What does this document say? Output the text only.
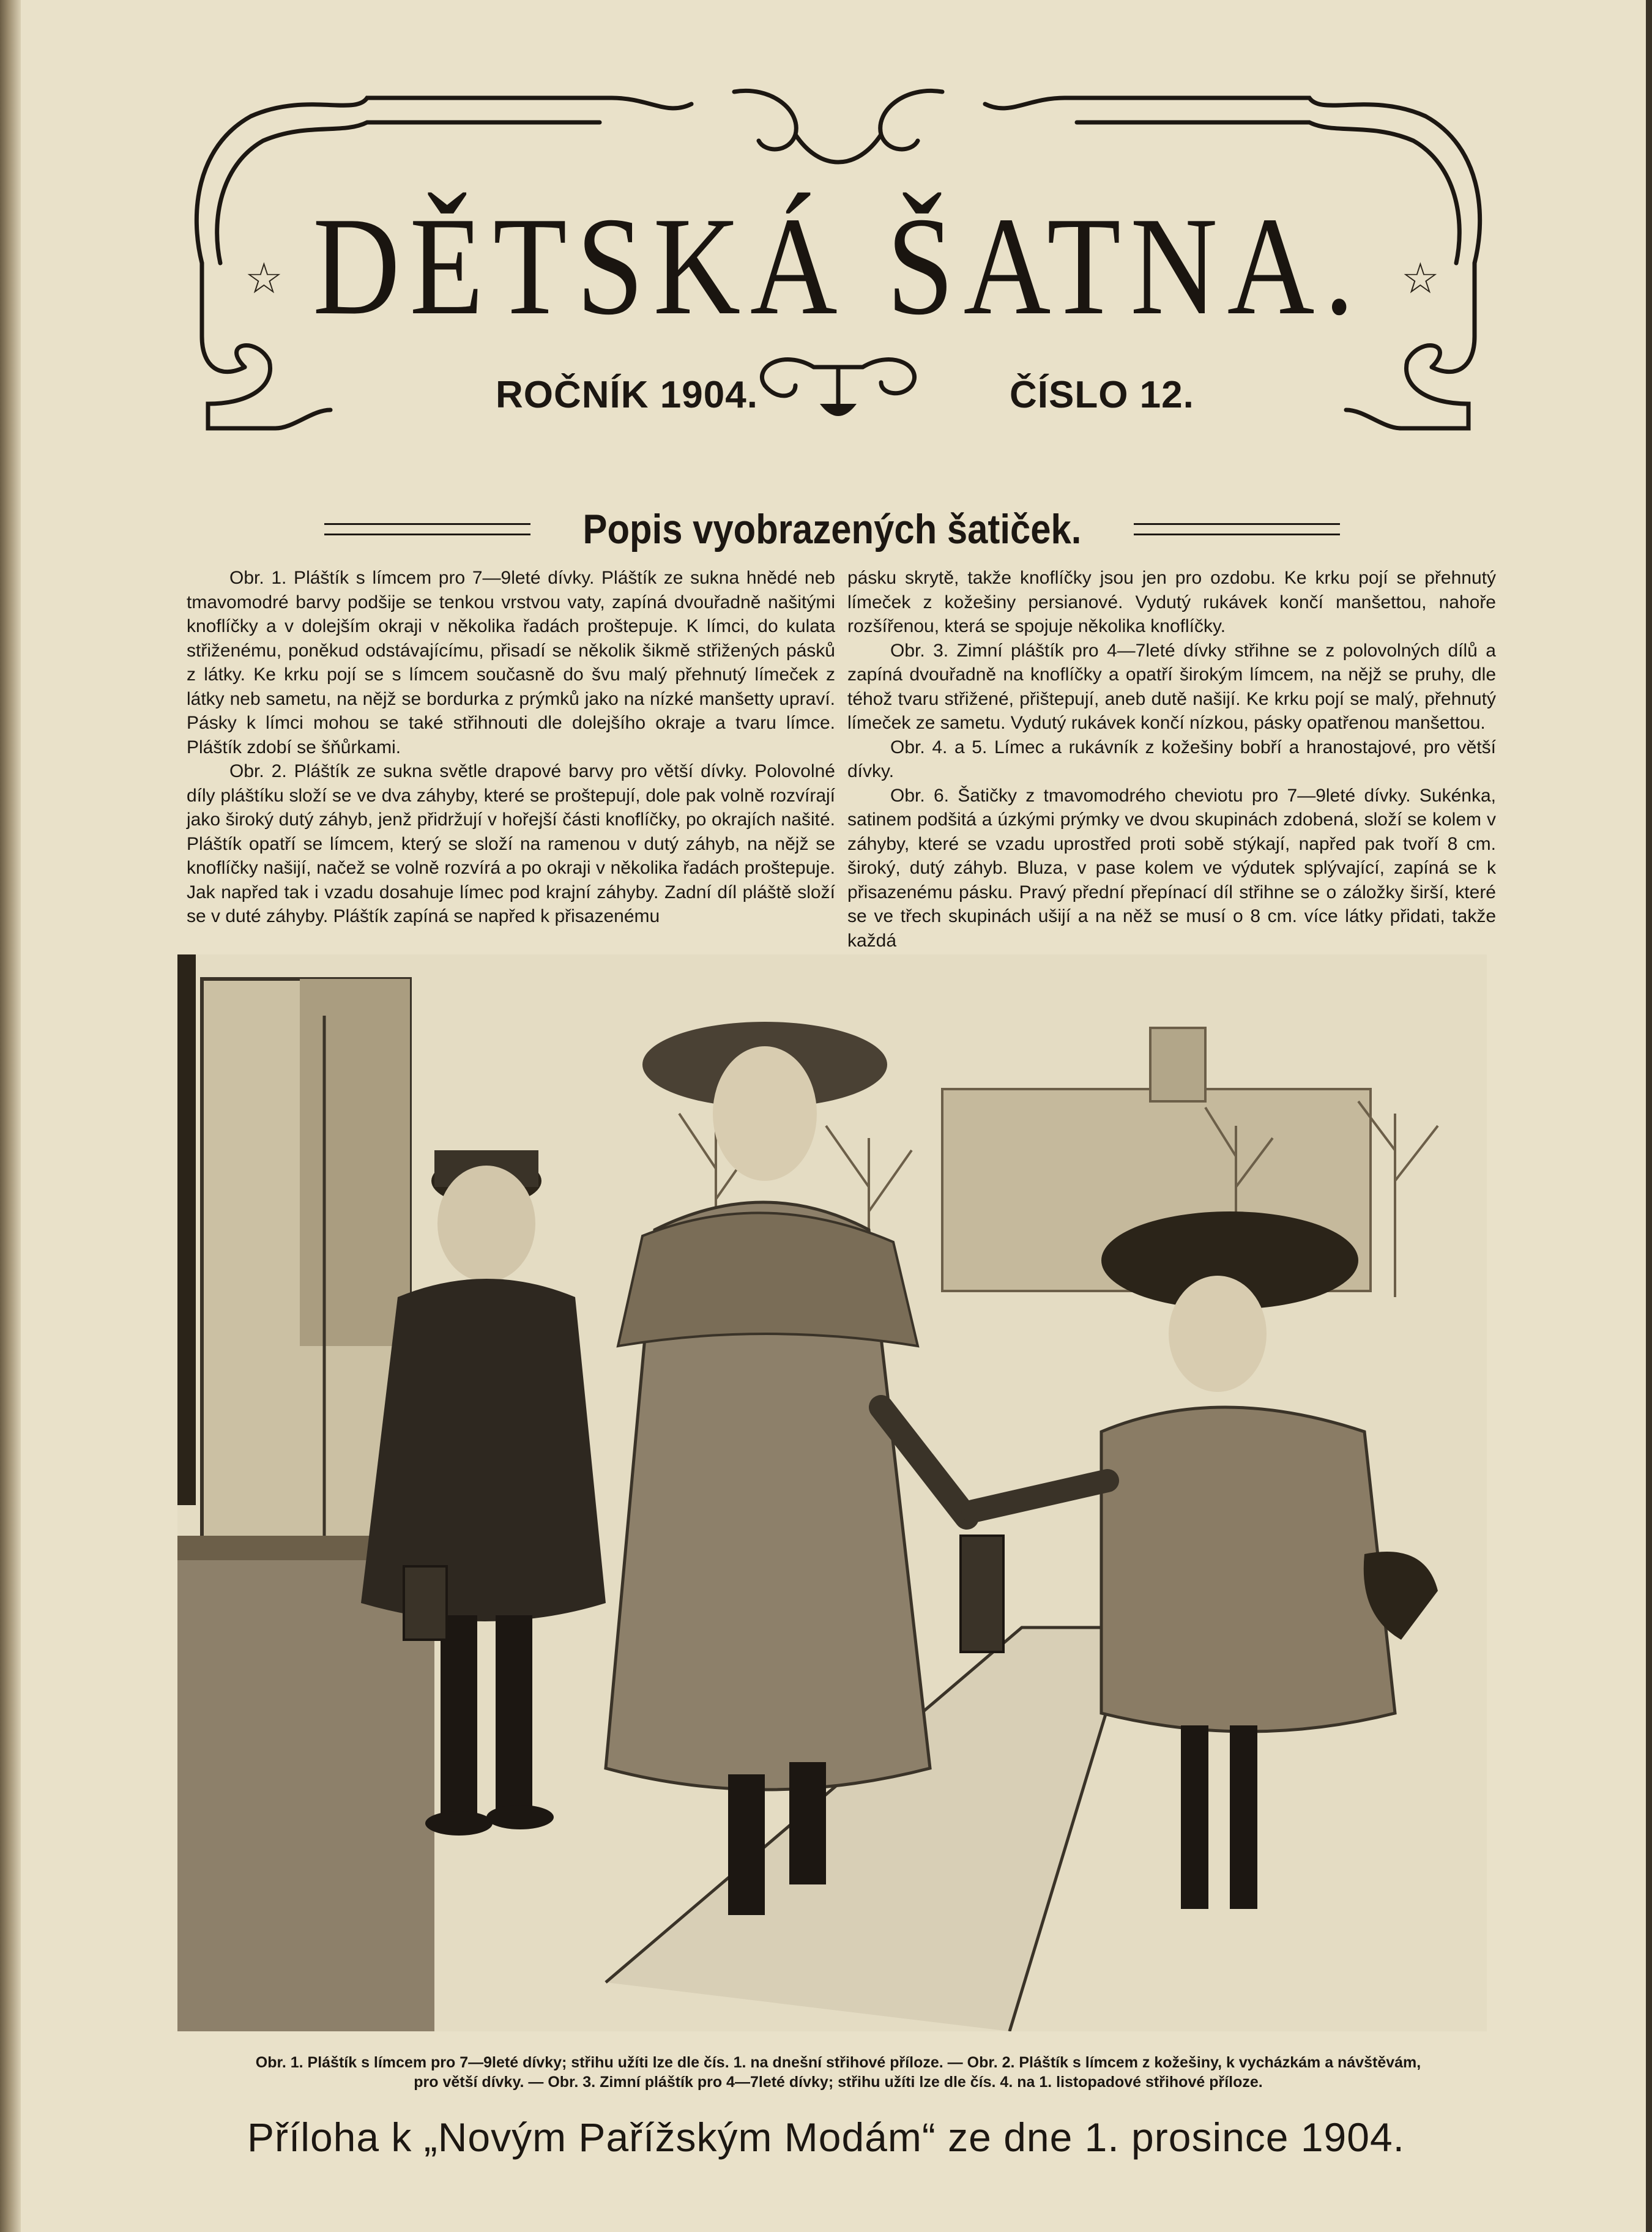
DĚTSKÁ ŠATNA.
☆	☆
ROČNÍK 1904.	ČÍSLO 12.
Popis vyobrazených šatiček.

Obr. 1. Pláštík s límcem pro 7—9leté dívky. Pláštík ze sukna hnědé neb tmavomodré barvy podšije se tenkou vrstvou vaty, zapíná dvouřadně našitými knoflíčky a v dolejším okraji v několika řadách proštepuje. K límci, do kulata střiženému, poněkud odstávajícímu, přisadí se několik šikmě střižených pásků z látky. Ke krku pojí se s límcem současně do švu malý přehnutý límeček z látky neb sametu, na nějž se bordurka z prýmků jako na nízké manšetty upraví. Pásky k límci mohou se také střihnouti dle dolejšího okraje a tvaru límce. Pláštík zdobí se šňůrkami.

Obr. 2. Pláštík ze sukna světle drapové barvy pro větší dívky. Polovolné díly pláštíku složí se ve dva záhyby, které se proštepují, dole pak volně rozvírají jako široký dutý záhyb, jenž přidržují v hořejší části knoflíčky, po okrajích našité. Pláštík opatří se límcem, který se složí na ramenou v dutý záhyb, na nějž se knoflíčky našijí, načež se volně rozvírá a po okraji v několika řadách proštepuje. Jak napřed tak i vzadu dosahuje límec pod krajní záhyby. Zadní díl pláště složí se v duté záhyby. Pláštík zapíná se napřed k přisazenému

pásku skrytě, takže knoflíčky jsou jen pro ozdobu. Ke krku pojí se přehnutý límeček z kožešiny persianové. Vydutý rukávek končí manšettou, nahoře rozšířenou, která se spojuje několika knoflíčky.

Obr. 3. Zimní pláštík pro 4—7leté dívky střihne se z polovolných dílů a zapíná dvouřadně na knoflíčky a opatří širokým límcem, na nějž se pruhy, dle téhož tvaru střižené, přištepují, aneb dutě našijí. Ke krku pojí se malý, přehnutý límeček ze sametu. Vydutý rukávek končí nízkou, pásky opatřenou manšettou.

Obr. 4. a 5. Límec a rukávník z kožešiny bobří a hranostajové, pro větší dívky.

Obr. 6. Šatičky z tmavomodrého cheviotu pro 7—9leté dívky. Sukénka, satinem podšitá a úzkými prýmky ve dvou skupinách zdobená, složí se kolem v záhyby, které se vzadu uprostřed proti sobě stýkají, napřed pak tvoří 8 cm. široký, dutý záhyb. Bluza, v pase kolem ve výdutek splývající, zapíná se k přisazenému pásku. Pravý přední přepínací díl střihne se o záložky širší, které se ve třech skupinách ušijí a na něž se musí o 8 cm. více látky přidati, takže každá

Obr. 1. Pláštík s límcem pro 7—9leté dívky; střihu užíti lze dle čís. 1. na dnešní střihové příloze. — Obr. 2. Pláštík s límcem z kožešiny, k vycházkám a návštěvám,
pro větší dívky. — Obr. 3. Zimní pláštík pro 4—7leté dívky; střihu užíti lze dle čís. 4. na 1. listopadové střihové příloze.
Příloha k „Novým Pařížským Modám“ ze dne 1. prosince 1904.
